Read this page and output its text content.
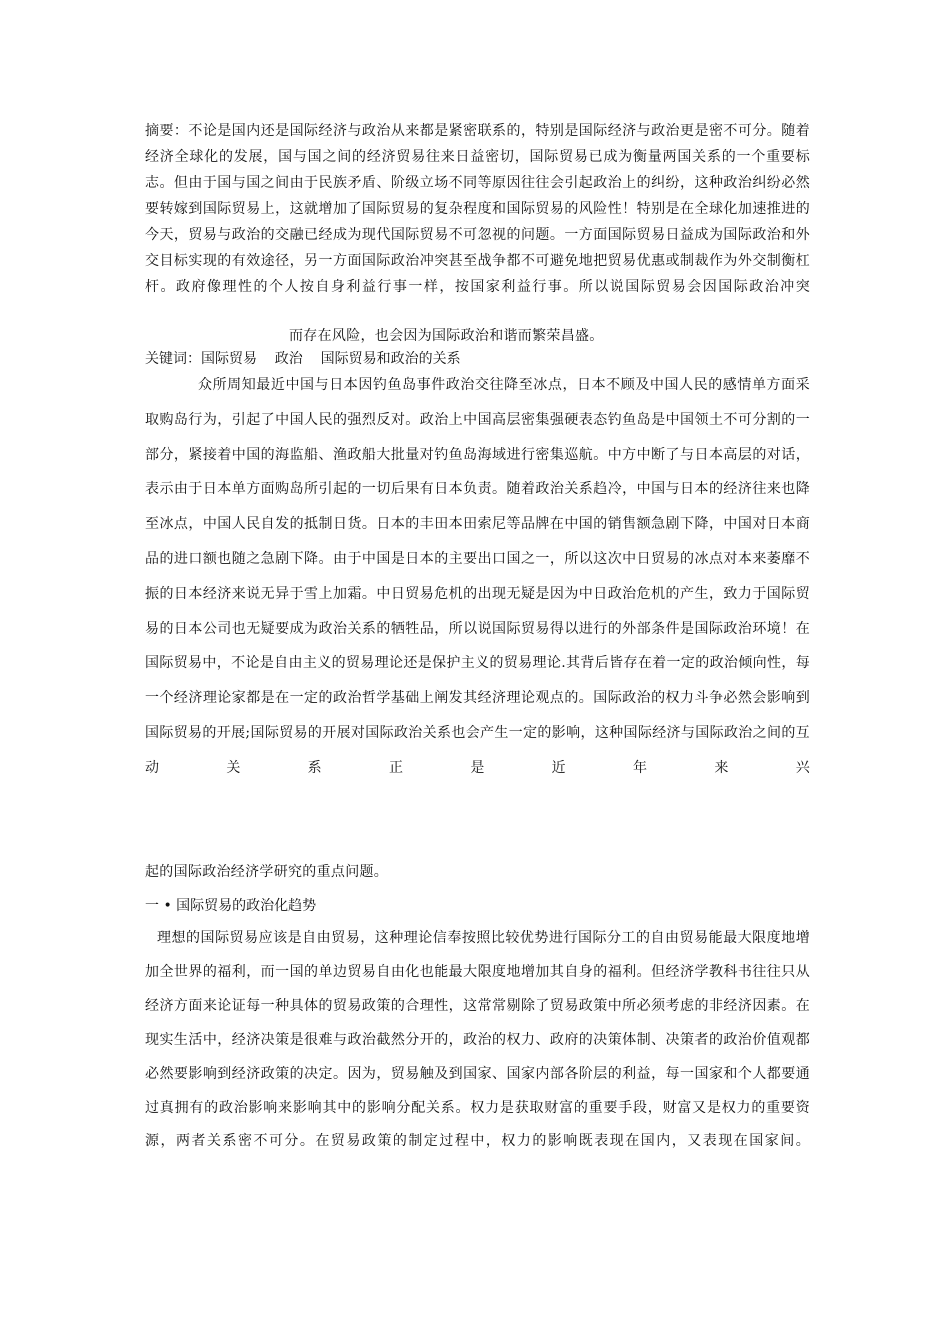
摘要：不论是国内还是国际经济与政治从来都是紧密联系的，特别是国际经济与政治更是密不可分。随着经济全球化的发展，国与国之间的经济贸易往来日益密切，国际贸易已成为衡量两国关系的一个重要标志。但由于国与国之间由于民族矛盾、阶级立场不同等原因往往会引起政治上的纠纷，这种政治纠纷必然要转嫁到国际贸易上，这就增加了国际贸易的复杂程度和国际贸易的风险性！特别是在全球化加速推进的今天，贸易与政治的交融已经成为现代国际贸易不可忽视的问题。一方面国际贸易日益成为国际政治和外交目标实现的有效途径，另一方面国际政治冲突甚至战争都不可避免地把贸易优惠或制裁作为外交制衡杠杆。政府像理性的个人按自身利益行事一样，按国家利益行事。所以说国际贸易会因国际政治冲突

而存在风险，也会因为国际政治和谐而繁荣昌盛。
关键词：国际贸易    政治    国际贸易和政治的关系

众所周知最近中国与日本因钓鱼岛事件政治交往降至冰点，日本不顾及中国人民的感情单方面采取购岛行为，引起了中国人民的强烈反对。政治上中国高层密集强硬表态钓鱼岛是中国领土不可分割的一部分，紧接着中国的海监船、渔政船大批量对钓鱼岛海域进行密集巡航。中方中断了与日本高层的对话，表示由于日本单方面购岛所引起的一切后果有日本负责。随着政治关系趋冷，中国与日本的经济往来也降至冰点，中国人民自发的抵制日货。日本的丰田本田索尼等品牌在中国的销售额急剧下降，中国对日本商品的进口额也随之急剧下降。由于中国是日本的主要出口国之一，所以这次中日贸易的冰点对本来萎靡不振的日本经济来说无异于雪上加霜。中日贸易危机的出现无疑是因为中日政治危机的产生，致力于国际贸易的日本公司也无疑要成为政治关系的牺牲品，所以说国际贸易得以进行的外部条件是国际政治环境！在国际贸易中，不论是自由主义的贸易理论还是保护主义的贸易理论.其背后皆存在着一定的政治倾向性，每一个经济理论家都是在一定的政治哲学基础上阐发其经济理论观点的。国际政治的权力斗争必然会影响到国际贸易的开展;国际贸易的开展对国际政治关系也会产生一定的影响，这种国际经济与国际政治之间的互动关系正是近年来兴

起的国际政治经济学研究的重点问题。
一 • 国际贸易的政治化趋势

理想的国际贸易应该是自由贸易，这种理论信奉按照比较优势进行国际分工的自由贸易能最大限度地增加全世界的福利，而一国的单边贸易自由化也能最大限度地增加其自身的福利。但经济学教科书往往只从经济方面来论证每一种具体的贸易政策的合理性，这常常剔除了贸易政策中所必须考虑的非经济因素。在现实生活中，经济决策是很难与政治截然分开的，政治的权力、政府的决策体制、决策者的政治价值观都必然要影响到经济政策的决定。因为，贸易触及到国家、国家内部各阶层的利益，每一国家和个人都要通过真拥有的政治影响来影响其中的影响分配关系。权力是获取财富的重要手段，财富又是权力的重要资源，两者关系密不可分。在贸易政策的制定过程中，权力的影响既表现在国内，又表现在国家间。
